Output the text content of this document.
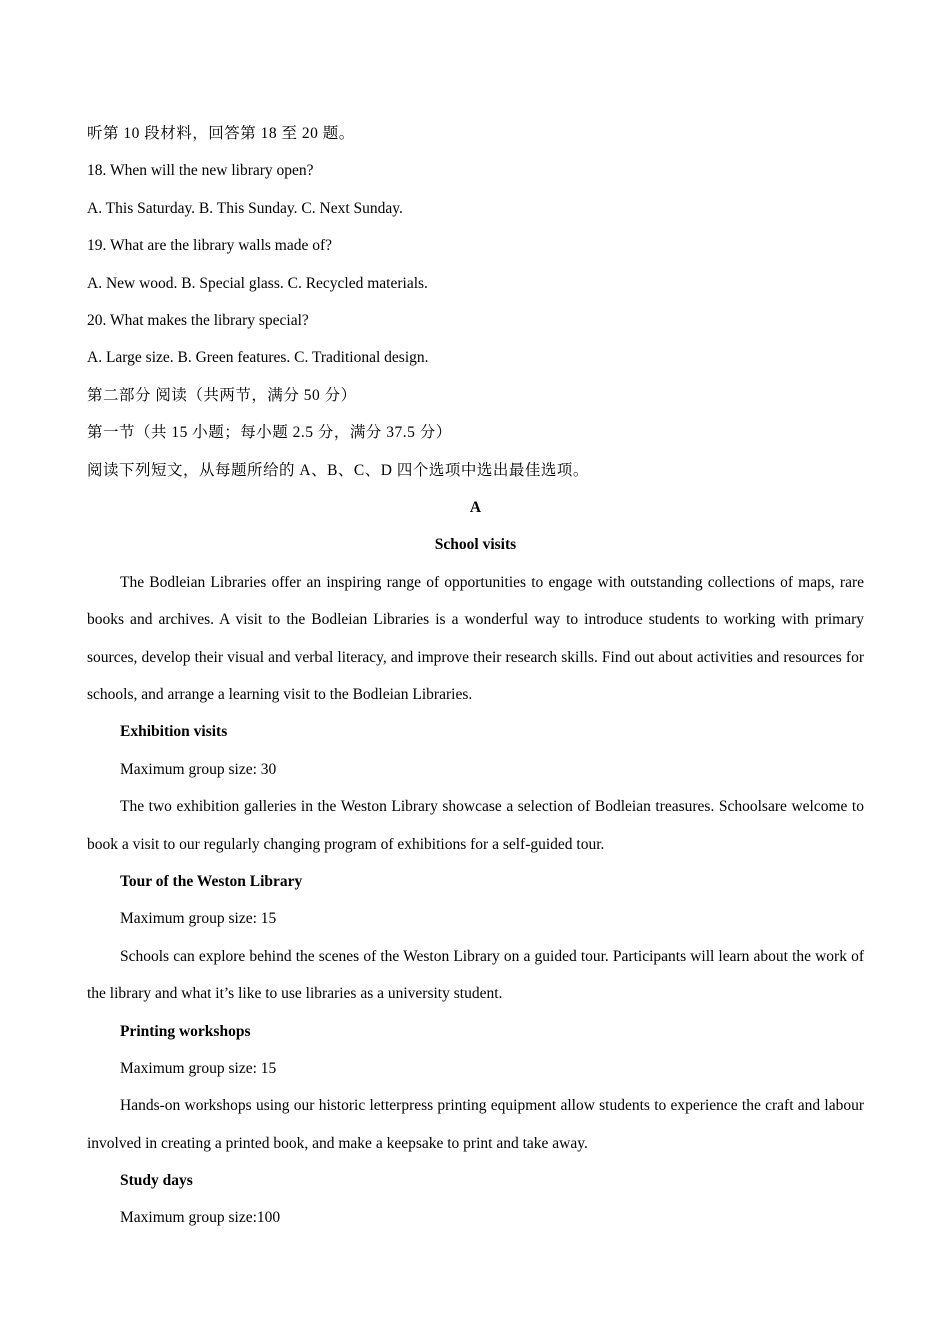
听第 10 段材料，回答第 18 至 20 题。

18. When will the new library open?

A. This Saturday. B. This Sunday. C. Next Sunday.

19. What are the library walls made of?

A. New wood. B. Special glass. C. Recycled materials.

20. What makes the library special?

A. Large size. B. Green features. C. Traditional design.

第二部分 阅读（共两节，满分 50 分）

第一节（共 15 小题；每小题 2.5 分，满分 37.5 分）

阅读下列短文，从每题所给的 A、B、C、D 四个选项中选出最佳选项。

A

School visits

The Bodleian Libraries offer an inspiring range of opportunities to engage with outstanding collections of maps, rare books and archives. A visit to the Bodleian Libraries is a wonderful way to introduce students to working with primary sources, develop their visual and verbal literacy, and improve their research skills. Find out about activities and resources for schools, and arrange a learning visit to the Bodleian Libraries.

Exhibition visits

Maximum group size: 30

The two exhibition galleries in the Weston Library showcase a selection of Bodleian treasures. Schoolsare welcome to book a visit to our regularly changing program of exhibitions for a self-guided tour.

Tour of the Weston Library

Maximum group size: 15

Schools can explore behind the scenes of the Weston Library on a guided tour. Participants will learn about the work of the library and what it’s like to use libraries as a university student.

Printing workshops

Maximum group size: 15

Hands-on workshops using our historic letterpress printing equipment allow students to experience the craft and labour involved in creating a printed book, and make a keepsake to print and take away.

Study days

Maximum group size:100
